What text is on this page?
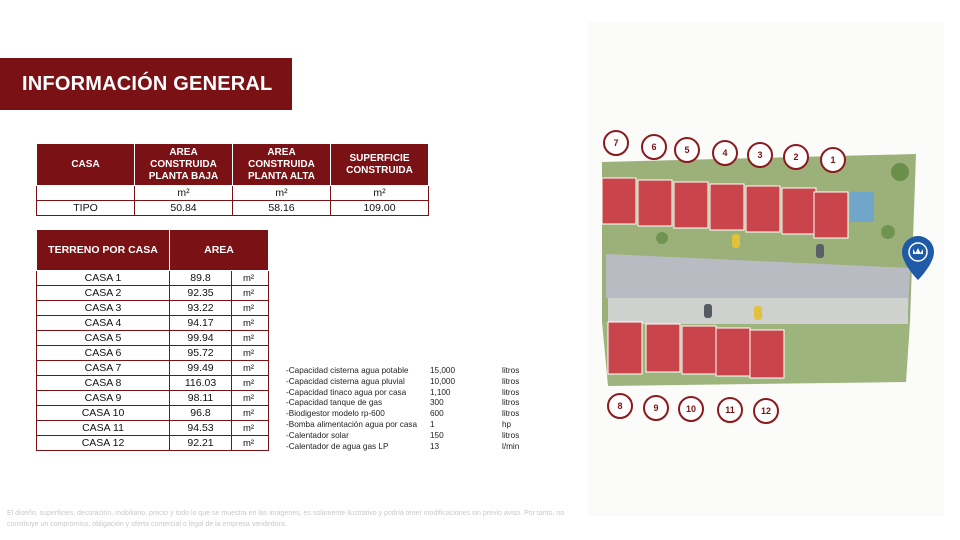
INFORMACIÓN GENERAL
CASA	AREA CONSTRUIDA PLANTA BAJA	AREA CONSTRUIDA PLANTA ALTA	SUPERFICIE CONSTRUIDA
	m²	m²	m²
TIPO	50.84	58.16	109.00
TERRENO POR CASA	AREA	
CASA 1	89.8	m²
CASA 2	92.35	m²
CASA 3	93.22	m²
CASA 4	94.17	m²
CASA 5	99.94	m²
CASA 6	95.72	m²
CASA 7	99.49	m²
CASA 8	116.03	m²
CASA 9	98.11	m²
CASA 10	96.8	m²
CASA 11	94.53	m²
CASA 12	92.21	m²
-Capacidad cisterna agua potable	15,000	litros
-Capacidad cisterna agua pluvial	10,000	litros
-Capacidad tinaco agua por casa	1,100	litros
-Capacidad tanque de gas	300	litros
-Biodigestor modelo rp-600	600	litros
-Bomba alimentación agua por casa 1	hp
-Calentador solar	150	litros
-Calentador de agua gas LP	13	l/min
El diseño, superficies, decoración, mobiliario, precio y todo lo que se muestra en las imágenes, es solamente ilustrativo y podría tener modificaciones sin previo aviso. Por tanto, no constituye un compromiso, obligación y oferta comercial o legal de la empresa vendedora.
7	6	5	4	3	2	1
8	9	10	11	12
